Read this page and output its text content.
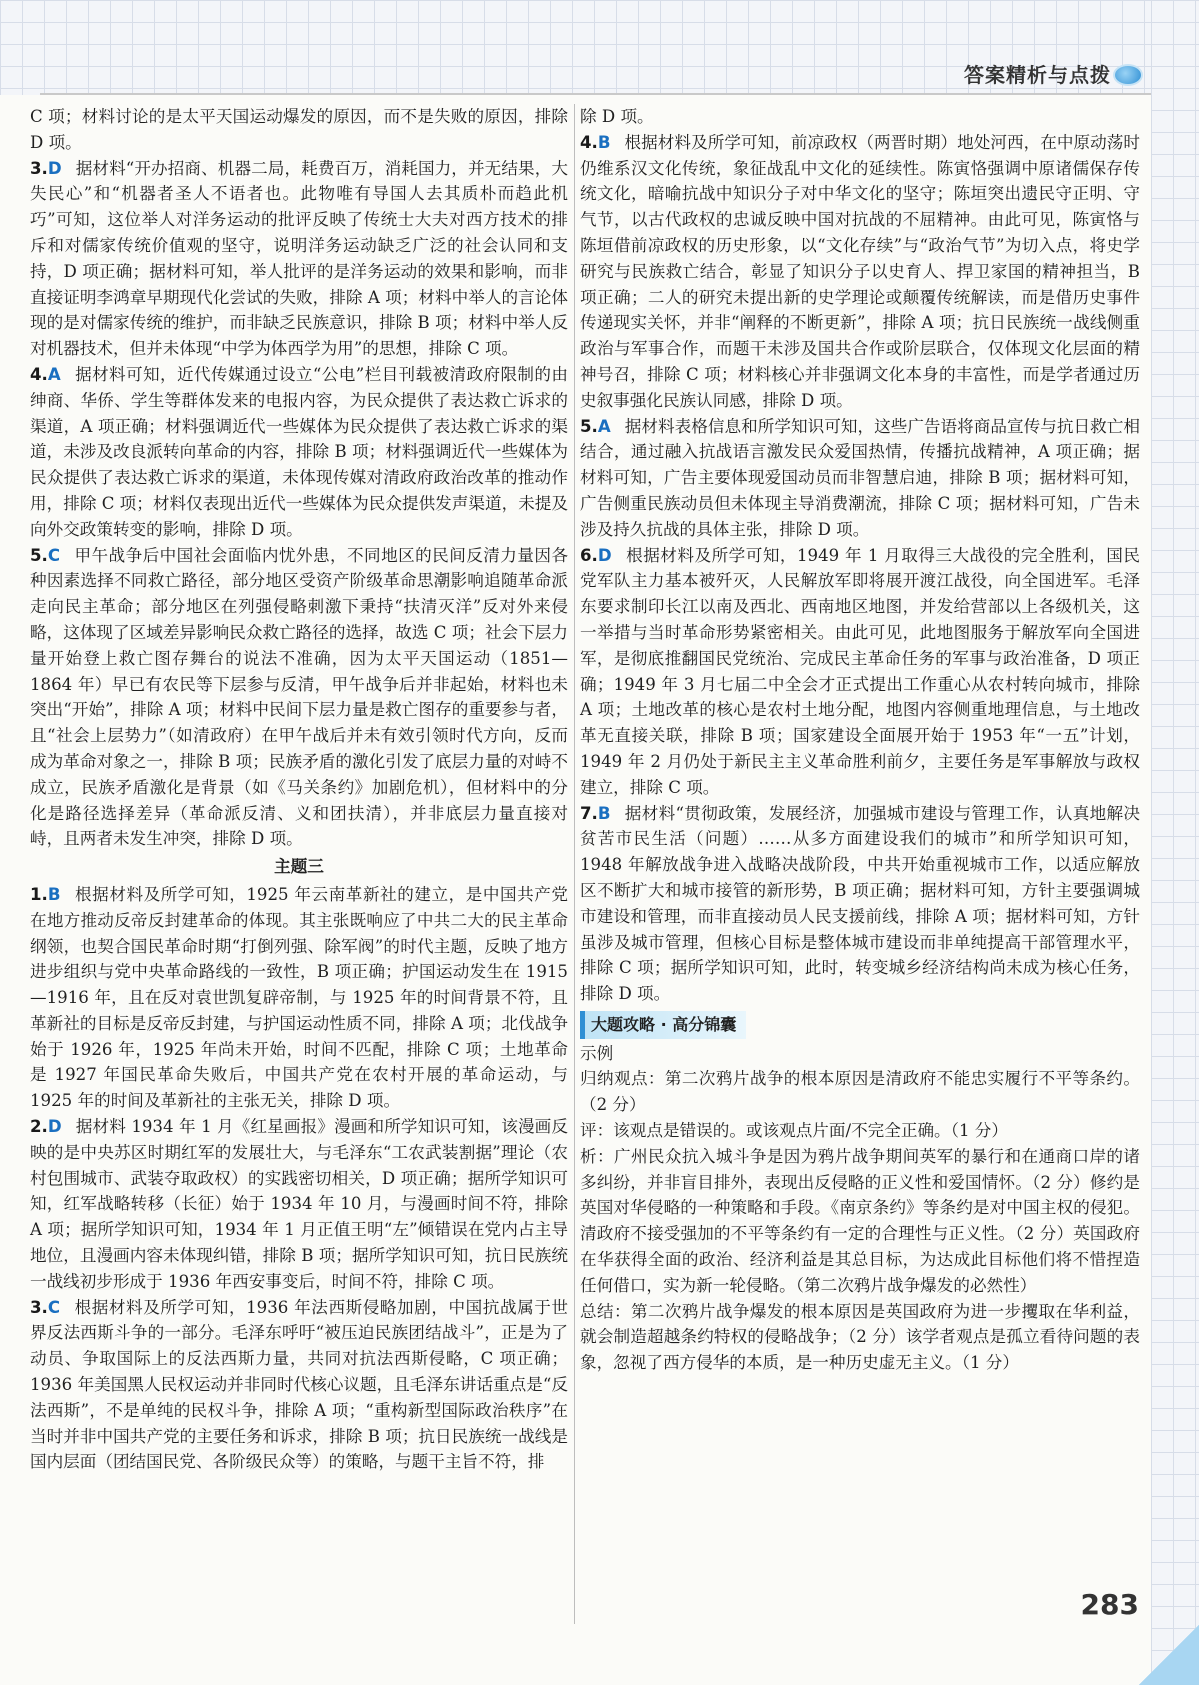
答案精析与点拨

C 项；材料讨论的是太平天国运动爆发的原因，而不是失败的原因，排除 D 项。

3.D 据材料“开办招商、机器二局，耗费百万，消耗国力，并无结果，大失民心”和“机器者圣人不语者也。此物唯有导国人去其质朴而趋此机巧”可知，这位举人对洋务运动的批评反映了传统士大夫对西方技术的排斥和对儒家传统价值观的坚守，说明洋务运动缺乏广泛的社会认同和支持，D 项正确；据材料可知，举人批评的是洋务运动的效果和影响，而非直接证明李鸿章早期现代化尝试的失败，排除 A 项；材料中举人的言论体现的是对儒家传统的维护，而非缺乏民族意识，排除 B 项；材料中举人反对机器技术，但并未体现“中学为体西学为用”的思想，排除 C 项。
4.A 据材料可知，近代传媒通过设立“公电”栏目刊载被清政府限制的由绅商、华侨、学生等群体发来的电报内容，为民众提供了表达救亡诉求的渠道，A 项正确；材料强调近代一些媒体为民众提供了表达救亡诉求的渠道，未涉及改良派转向革命的内容，排除 B 项；材料强调近代一些媒体为民众提供了表达救亡诉求的渠道，未体现传媒对清政府政治改革的推动作用，排除 C 项；材料仅表现出近代一些媒体为民众提供发声渠道，未提及向外交政策转变的影响，排除 D 项。
5.C 甲午战争后中国社会面临内忧外患，不同地区的民间反清力量因各种因素选择不同救亡路径，部分地区受资产阶级革命思潮影响追随革命派走向民主革命；部分地区在列强侵略刺激下秉持“扶清灭洋”反对外来侵略，这体现了区域差异影响民众救亡路径的选择，故选 C 项；社会下层力量开始登上救亡图存舞台的说法不准确，因为太平天国运动（1851—1864 年）早已有农民等下层参与反清，甲午战争后并非起始，材料也未突出“开始”，排除 A 项；材料中民间下层力量是救亡图存的重要参与者，且“社会上层势力”（如清政府）在甲午战后并未有效引领时代方向，反而成为革命对象之一，排除 B 项；民族矛盾的激化引发了底层力量的对峙不成立，民族矛盾激化是背景（如《马关条约》加剧危机），但材料中的分化是路径选择差异（革命派反清、义和团扶清），并非底层力量直接对峙，且两者未发生冲突，排除 D 项。
主题三
1.B 根据材料及所学可知，1925 年云南革新社的建立，是中国共产党在地方推动反帝反封建革命的体现。其主张既响应了中共二大的民主革命纲领，也契合国民革命时期“打倒列强、除军阀”的时代主题，反映了地方进步组织与党中央革命路线的一致性，B 项正确；护国运动发生在 1915—1916 年，且在反对袁世凯复辟帝制，与 1925 年的时间背景不符，且革新社的目标是反帝反封建，与护国运动性质不同，排除 A 项；北伐战争始于 1926 年，1925 年尚未开始，时间不匹配，排除 C 项；土地革命是 1927 年国民革命失败后，中国共产党在农村开展的革命运动，与 1925 年的时间及革新社的主张无关，排除 D 项。
2.D 据材料 1934 年 1 月《红星画报》漫画和所学知识可知，该漫画反映的是中央苏区时期红军的发展壮大，与毛泽东“工农武装割据”理论（农村包围城市、武装夺取政权）的实践密切相关，D 项正确；据所学知识可知，红军战略转移（长征）始于 1934 年 10 月，与漫画时间不符，排除 A 项；据所学知识可知，1934 年 1 月正值王明“左”倾错误在党内占主导地位，且漫画内容未体现纠错，排除 B 项；据所学知识可知，抗日民族统一战线初步形成于 1936 年西安事变后，时间不符，排除 C 项。
3.C 根据材料及所学可知，1936 年法西斯侵略加剧，中国抗战属于世界反法西斯斗争的一部分。毛泽东呼吁“被压迫民族团结战斗”，正是为了动员、争取国际上的反法西斯力量，共同对抗法西斯侵略，C 项正确；1936 年美国黑人民权运动并非同时代核心议题，且毛泽东讲话重点是“反法西斯”，不是单纯的民权斗争，排除 A 项；“重构新型国际政治秩序”在当时并非中国共产党的主要任务和诉求，排除 B 项；抗日民族统一战线是国内层面（团结国民党、各阶级民众等）的策略，与题干主旨不符，排

除 D 项。

4.B 根据材料及所学可知，前凉政权（两晋时期）地处河西，在中原动荡时仍维系汉文化传统，象征战乱中文化的延续性。陈寅恪强调中原诸儒保存传统文化，暗喻抗战中知识分子对中华文化的坚守；陈垣突出遗民守正明、守气节，以古代政权的忠诚反映中国对抗战的不屈精神。由此可见，陈寅恪与陈垣借前凉政权的历史形象，以“文化存续”与“政治气节”为切入点，将史学研究与民族救亡结合，彰显了知识分子以史育人、捍卫家国的精神担当，B 项正确；二人的研究未提出新的史学理论或颠覆传统解读，而是借历史事件传递现实关怀，并非“阐释的不断更新”，排除 A 项；抗日民族统一战线侧重政治与军事合作，而题干未涉及国共合作或阶层联合，仅体现文化层面的精神号召，排除 C 项；材料核心并非强调文化本身的丰富性，而是学者通过历史叙事强化民族认同感，排除 D 项。
5.A 据材料表格信息和所学知识可知，这些广告语将商品宣传与抗日救亡相结合，通过融入抗战语言激发民众爱国热情，传播抗战精神，A 项正确；据材料可知，广告主要体现爱国动员而非智慧启迪，排除 B 项；据材料可知，广告侧重民族动员但未体现主导消费潮流，排除 C 项；据材料可知，广告未涉及持久抗战的具体主张，排除 D 项。
6.D 根据材料及所学可知，1949 年 1 月取得三大战役的完全胜利，国民党军队主力基本被歼灭，人民解放军即将展开渡江战役，向全国进军。毛泽东要求制印长江以南及西北、西南地区地图，并发给营部以上各级机关，这一举措与当时革命形势紧密相关。由此可见，此地图服务于解放军向全国进军，是彻底推翻国民党统治、完成民主革命任务的军事与政治准备，D 项正确；1949 年 3 月七届二中全会才正式提出工作重心从农村转向城市，排除 A 项；土地改革的核心是农村土地分配，地图内容侧重地理信息，与土地改革无直接关联，排除 B 项；国家建设全面展开始于 1953 年“一五”计划，1949 年 2 月仍处于新民主主义革命胜利前夕，主要任务是军事解放与政权建立，排除 C 项。
7.B 据材料“贯彻政策，发展经济，加强城市建设与管理工作，认真地解决贫苦市民生活（问题）……从多方面建设我们的城市”和所学知识可知，1948 年解放战争进入战略决战阶段，中共开始重视城市工作，以适应解放区不断扩大和城市接管的新形势，B 项正确；据材料可知，方针主要强调城市建设和管理，而非直接动员人民支援前线，排除 A 项；据材料可知，方针虽涉及城市管理，但核心目标是整体城市建设而非单纯提高干部管理水平，排除 C 项；据所学知识可知，此时，转变城乡经济结构尚未成为核心任务，排除 D 项。
大题攻略 · 高分锦囊
示例
归纳观点：第二次鸦片战争的根本原因是清政府不能忠实履行不平等条约。（2 分）
评：该观点是错误的。或该观点片面/不完全正确。（1 分）
析：广州民众抗入城斗争是因为鸦片战争期间英军的暴行和在通商口岸的诸多纠纷，并非盲目排外，表现出反侵略的正义性和爱国情怀。（2 分）修约是英国对华侵略的一种策略和手段。《南京条约》等条约是对中国主权的侵犯。清政府不接受强加的不平等条约有一定的合理性与正义性。（2 分）英国政府在华获得全面的政治、经济利益是其总目标，为达成此目标他们将不惜捏造任何借口，实为新一轮侵略。（第二次鸦片战争爆发的必然性）
总结：第二次鸦片战争爆发的根本原因是英国政府为进一步攫取在华利益，就会制造超越条约特权的侵略战争；（2 分）该学者观点是孤立看待问题的表象，忽视了西方侵华的本质，是一种历史虚无主义。（1 分）
283
